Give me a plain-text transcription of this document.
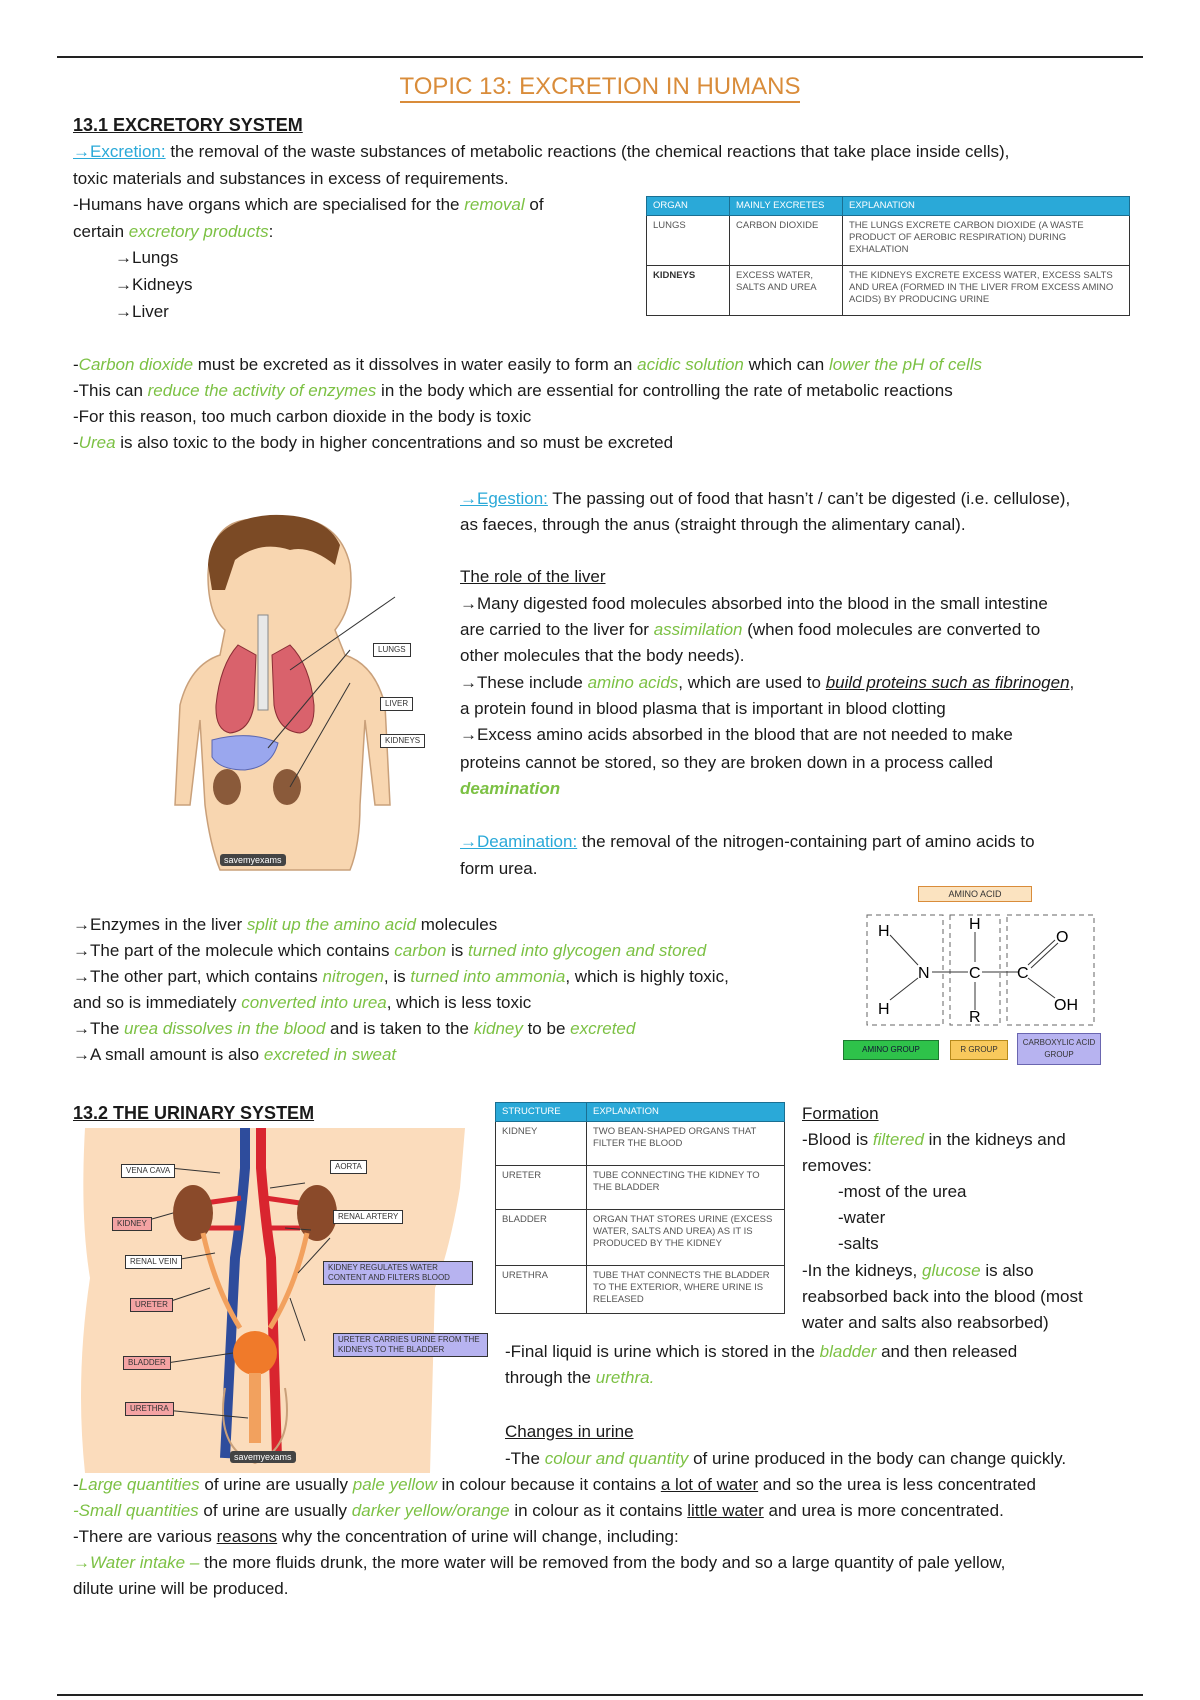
TOPIC 13: EXCRETION IN HUMANS
13.1 EXCRETORY SYSTEM
→Excretion: the removal of the waste substances of metabolic reactions (the chemical reactions that take place inside cells),
toxic materials and substances in excess of requirements.
-Humans have organs which are specialised for the removal of
certain excretory products:
→Lungs
→Kidneys
→Liver
ORGAN	MAINLY EXCRETES	EXPLANATION
LUNGS	CARBON DIOXIDE	THE LUNGS EXCRETE CARBON DIOXIDE (A WASTE PRODUCT OF AEROBIC RESPIRATION) DURING EXHALATION
KIDNEYS	EXCESS WATER, SALTS AND UREA	THE KIDNEYS EXCRETE EXCESS WATER, EXCESS SALTS AND UREA (FORMED IN THE LIVER FROM EXCESS AMINO ACIDS) BY PRODUCING URINE
-Carbon dioxide must be excreted as it dissolves in water easily to form an acidic solution which can lower the pH of cells
-This can reduce the activity of enzymes in the body which are essential for controlling the rate of metabolic reactions
-For this reason, too much carbon dioxide in the body is toxic
-Urea is also toxic to the body in higher concentrations and so must be excreted
LUNGS
LIVER
KIDNEYS
savemyexams
→Egestion: The passing out of food that hasn’t / can’t be digested (i.e. cellulose),
as faeces, through the anus (straight through the alimentary canal).
The role of the liver
→Many digested food molecules absorbed into the blood in the small intestine
are carried to the liver for assimilation (when food molecules are converted to
other molecules that the body needs).
→These include amino acids, which are used to build proteins such as fibrinogen,
a protein found in blood plasma that is important in blood clotting
→Excess amino acids absorbed in the blood that are not needed to make
proteins cannot be stored, so they are broken down in a process called
deamination
→Deamination: the removal of the nitrogen-containing part of amino acids to
form urea.
AMINO ACID
H	H
H
N C C
R
O
OH
AMINO GROUP	R GROUP
CARBOXYLIC ACID GROUP
→Enzymes in the liver split up the amino acid molecules
→The part of the molecule which contains carbon is turned into glycogen and stored
→The other part, which contains nitrogen, is turned into ammonia, which is highly toxic,
and so is immediately converted into urea, which is less toxic
→The urea dissolves in the blood and is taken to the kidney to be excreted
→A small amount is also excreted in sweat
13.2 THE URINARY SYSTEM
VENA CAVA	AORTA
KIDNEY
RENAL ARTERY
RENAL VEIN
KIDNEY REGULATES WATER CONTENT AND FILTERS BLOOD
URETER
URETER CARRIES URINE FROM THE KIDNEYS TO THE BLADDER
BLADDER
URETHRA
savemyexams
STRUCTURE	EXPLANATION
KIDNEY	TWO BEAN-SHAPED ORGANS THAT FILTER THE BLOOD
URETER	TUBE CONNECTING THE KIDNEY TO THE BLADDER
BLADDER	ORGAN THAT STORES URINE (EXCESS WATER, SALTS AND UREA) AS IT IS PRODUCED BY THE KIDNEY
URETHRA	TUBE THAT CONNECTS THE BLADDER TO THE EXTERIOR, WHERE URINE IS RELEASED
Formation
-Blood is filtered in the kidneys and
removes:
-most of the urea
-water
-salts
-In the kidneys, glucose is also
reabsorbed back into the blood (most
water and salts also reabsorbed)
-Final liquid is urine which is stored in the bladder and then released
through the urethra.
Changes in urine
-The colour and quantity of urine produced in the body can change quickly.
-Large quantities of urine are usually pale yellow in colour because it contains a lot of water and so the urea is less concentrated
-Small quantities of urine are usually darker yellow/orange in colour as it contains little water and urea is more concentrated.
-There are various reasons why the concentration of urine will change, including:
→Water intake – the more fluids drunk, the more water will be removed from the body and so a large quantity of pale yellow,
dilute urine will be produced.
